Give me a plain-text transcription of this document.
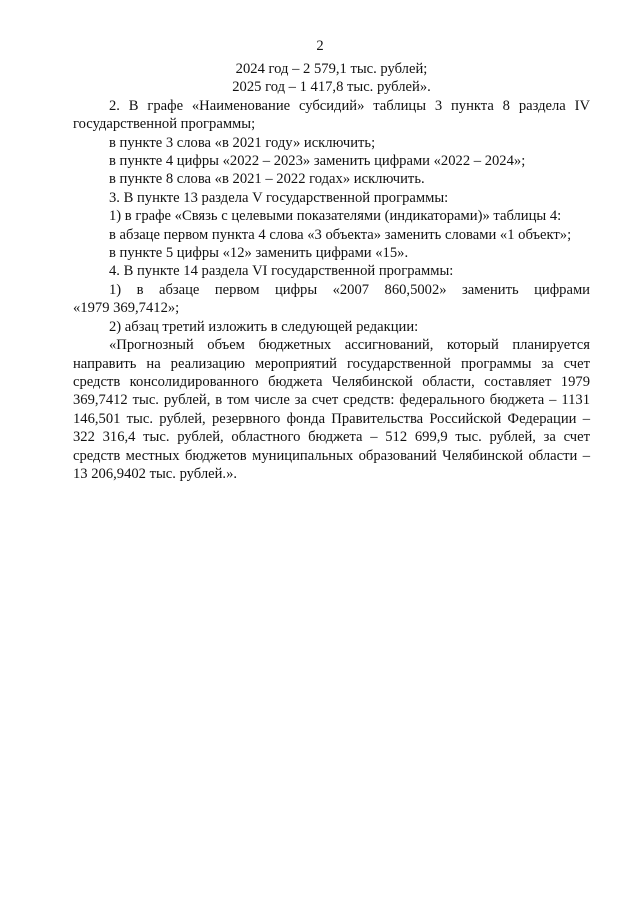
2

2024 год – 2 579,1 тыс. рублей;

2025 год – 1 417,8 тыс. рублей».

2. В графе «Наименование субсидий» таблицы 3 пункта 8 раздела IV государственной программы;

в пункте 3 слова «в 2021 году» исключить;

в пункте 4 цифры «2022 – 2023» заменить цифрами «2022 – 2024»;

в пункте 8 слова «в 2021 – 2022 годах» исключить.

3. В пункте 13 раздела V государственной программы:

1) в графе «Связь с целевыми показателями (индикаторами)» таблицы 4:

в абзаце первом пункта 4 слова «3 объекта» заменить словами «1 объект»;

в пункте 5 цифры «12» заменить цифрами «15».

4. В пункте 14 раздела VI государственной программы:

1) в абзаце первом цифры «2007 860,5002» заменить цифрами

«1979 369,7412»;

2) абзац третий изложить в следующей редакции:

«Прогнозный объем бюджетных ассигнований, который планируется направить на реализацию мероприятий государственной программы за счет средств консолидированного бюджета Челябинской области, составляет 1979 369,7412 тыс. рублей, в том числе за счет средств: федерального бюджета – 1131 146,501 тыс. рублей, резервного фонда Правительства Российской Федерации – 322 316,4 тыс. рублей, областного бюджета – 512 699,9 тыс. рублей, за счет средств местных бюджетов муниципальных образований Челябинской области – 13 206,9402 тыс. рублей.».
